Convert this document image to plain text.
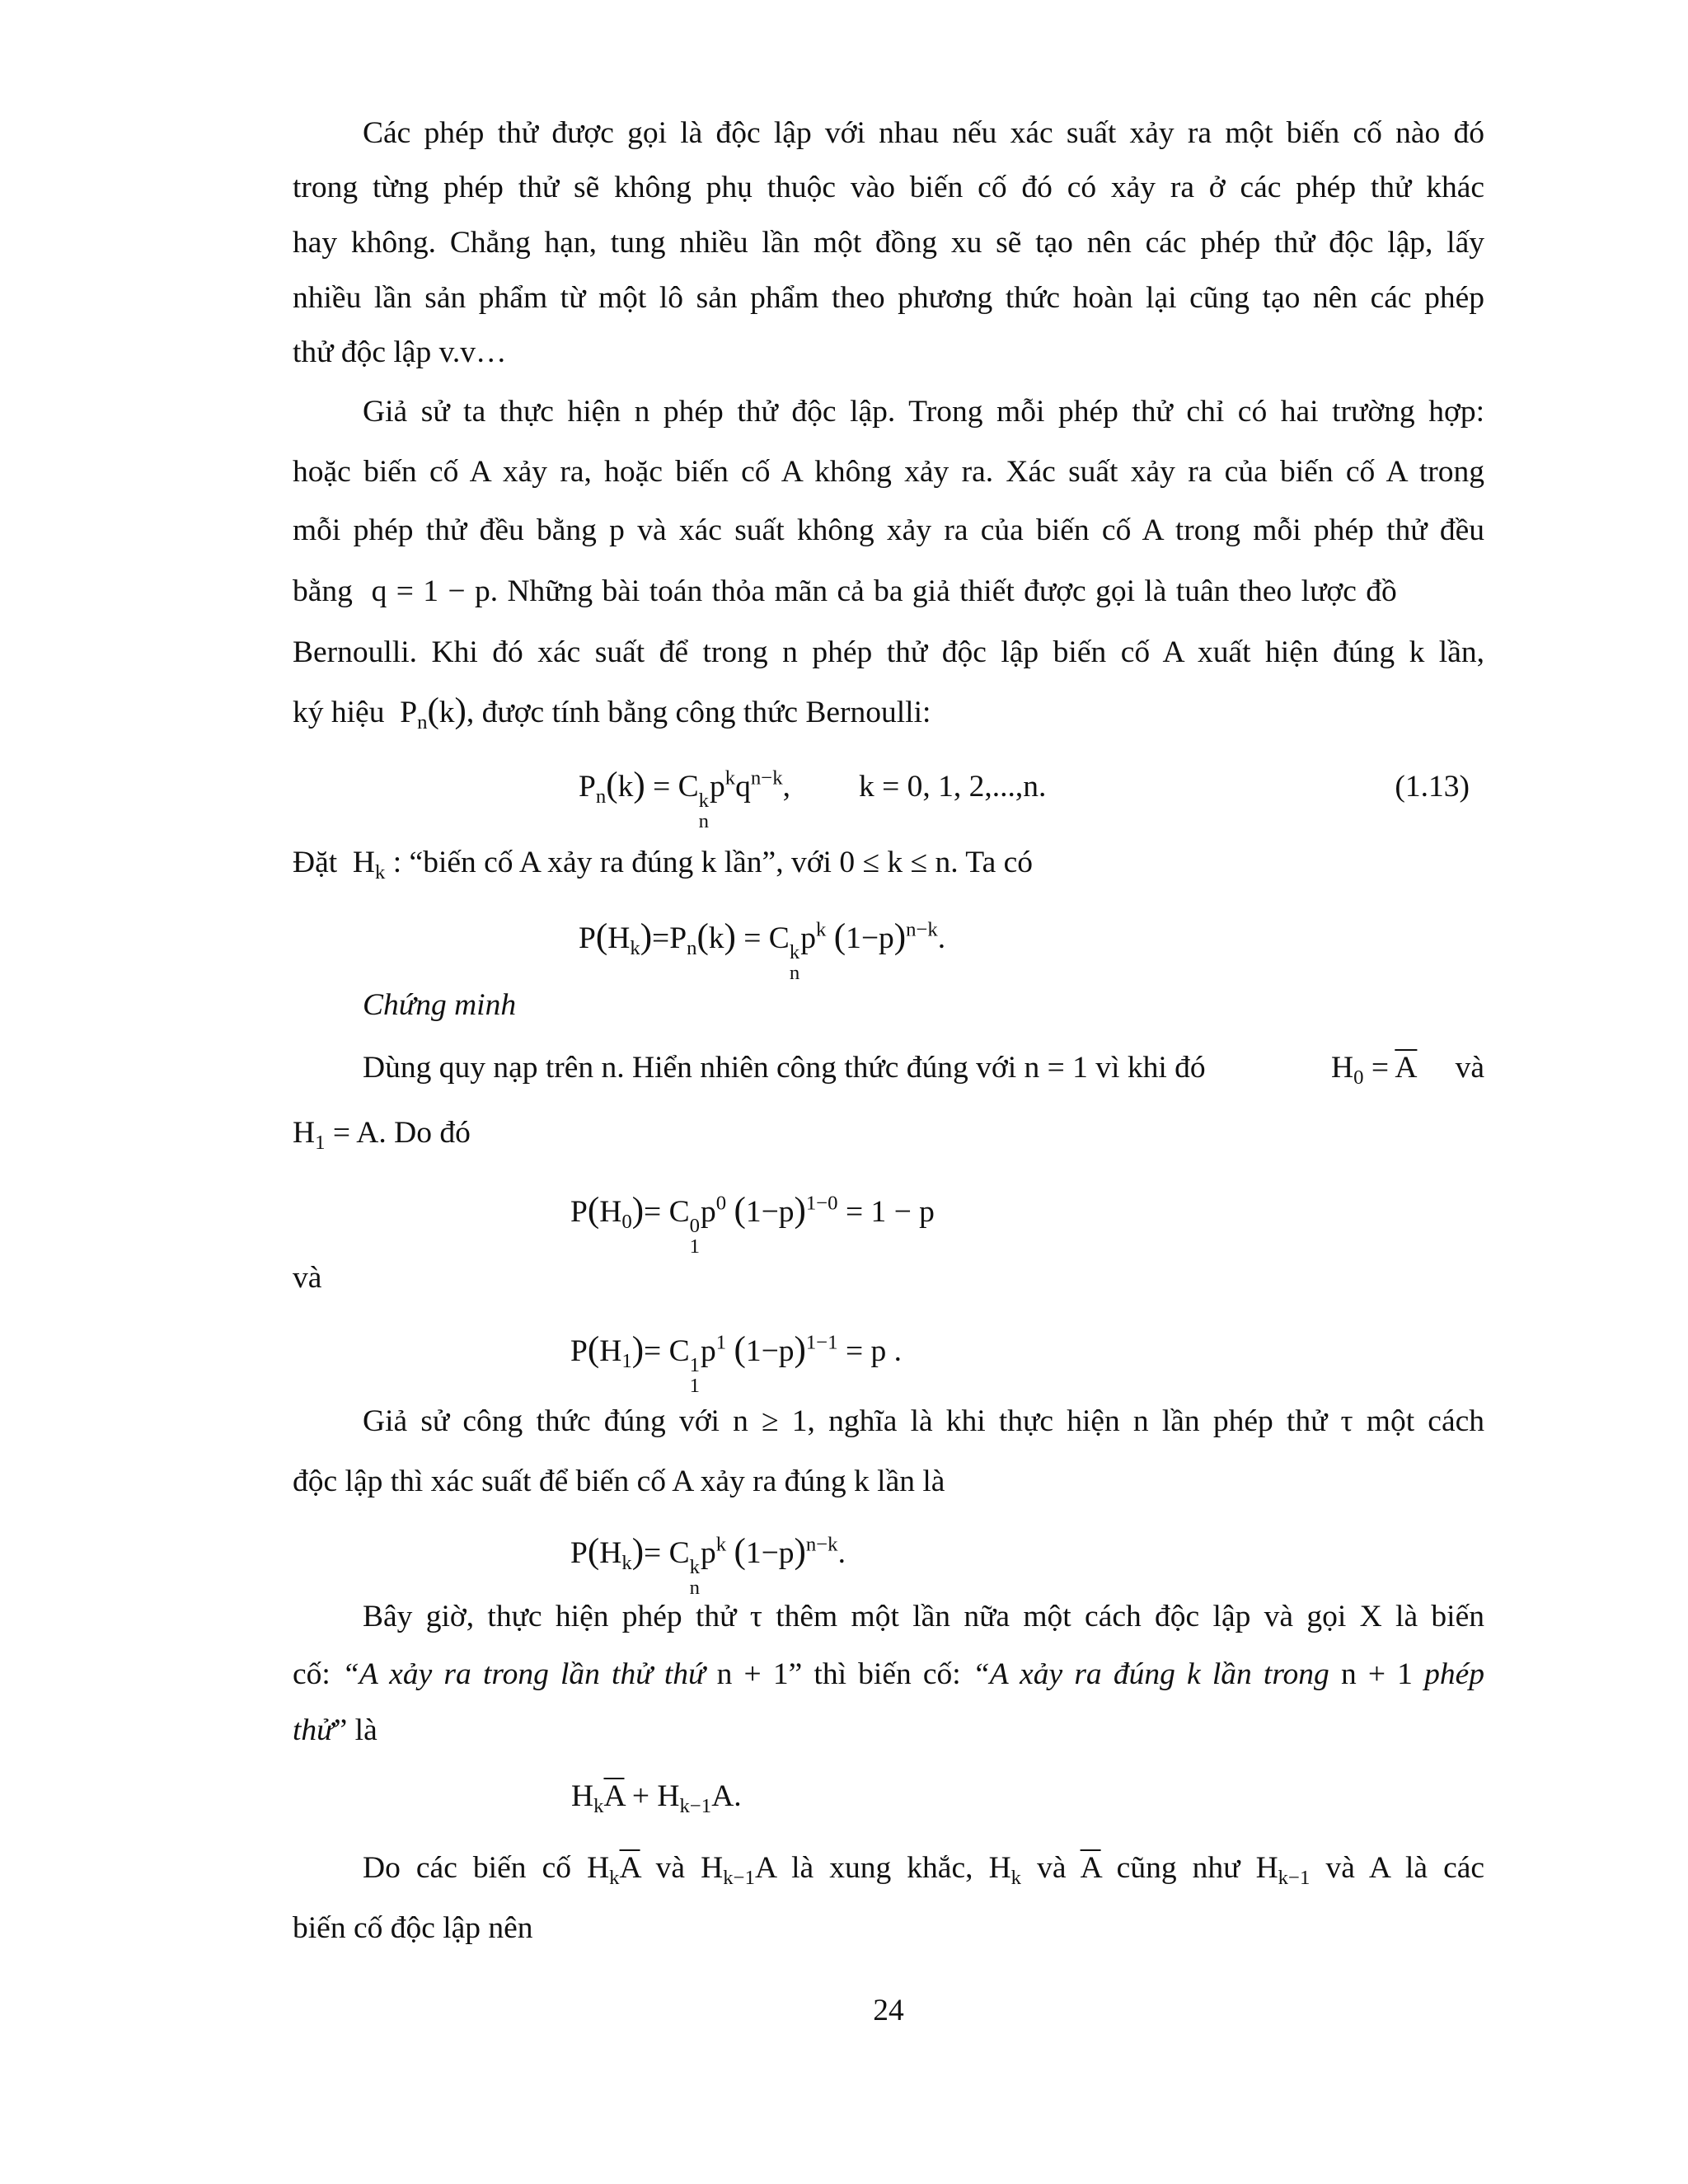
Các phép thử được gọi là độc lập với nhau nếu xác suất xảy ra một biến cố nào đó
trong từng phép thử sẽ không phụ thuộc vào biến cố đó có xảy ra ở các phép thử khác
hay không. Chẳng hạn, tung nhiều lần một đồng xu sẽ tạo nên các phép thử độc lập, lấy
nhiều lần sản phẩm từ một lô sản phẩm theo phương thức hoàn lại cũng tạo nên các phép
thử độc lập v.v…
Giả sử ta thực hiện n phép thử độc lập. Trong mỗi phép thử chỉ có hai trường hợp:
hoặc biến cố A xảy ra, hoặc biến cố A không xảy ra. Xác suất xảy ra của biến cố A trong
mỗi phép thử đều bằng p và xác suất không xảy ra của biến cố A trong mỗi phép thử đều
bằng q = 1 − p. Những bài toán thỏa mãn cả ba giả thiết được gọi là tuân theo lược đồ
Bernoulli. Khi đó xác suất để trong n phép thử độc lập biến cố A xuất hiện đúng k lần,
ký hiệu $P_n(k)$, được tính bằng công thức Bernoulli:
$P_n(k) = C$ k
n
$p^kq^{n-k}$, k = 0, 1, 2,...,n.	(1.13)
Đặt $H_k$ : “biến cố A xảy ra đúng k lần”, với 0 ≤ k ≤ n. Ta có
$P(H_k)=P_n(k) = C$ k
n
$p^k$ $(1-p)^{n-k}$.
Chứng minh
Dùng quy nạp trên n. Hiển nhiên công thức đúng với n = 1 vì khi đó	$H_0 = \overline{A}$ và
$H_1 = A$. Do đó
$P(H_0)= C$ 0
1
$p^0$ $(1-p)^{1-0} = 1 - p$
và
$P(H_1)= C$ 1
1
$p^1$ $(1-p)^{1-1} = p$ .
Giả sử công thức đúng với n ≥ 1, nghĩa là khi thực hiện n lần phép thử τ một cách
độc lập thì xác suất để biến cố A xảy ra đúng k lần là
$P(H_k)= C$ k
n
$p^k$ $(1-p)^{n-k}$.
Bây giờ, thực hiện phép thử τ thêm một lần nữa một cách độc lập và gọi X là biến
cố: “A xảy ra trong lần thử thứ n + 1” thì biến cố: “A xảy ra đúng k lần trong n + 1 phép
thử” là
$H_k\overline{A} + H_{k-1}A$.
Do các biến cố $H_k\overline{A}$ và $H_{k-1}A$ là xung khắc, $H_k$ và $\overline{A}$ cũng như $H_{k-1}$ và A là các
biến cố độc lập nên
24
